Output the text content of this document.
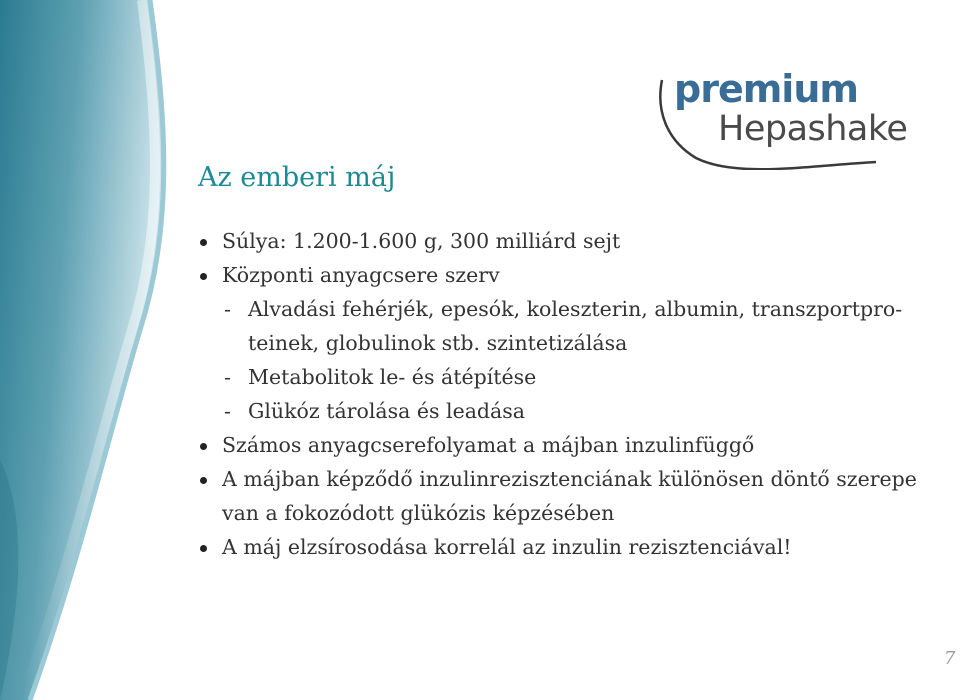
premium
Hepashake
Az emberi máj
Súlya: 1.200-1.600 g, 300 milliárd sejt
Központi anyagcsere szerv
- Alvadási fehérjék, epesók, koleszterin, albumin, transzportpro-
teinek, globulinok stb. szintetizálása
- Metabolitok le- és átépítése
- Glükóz tárolása és leadása
Számos anyagcserefolyamat a májban inzulinfüggő
A májban képződő inzulinrezisztenciának különösen döntő szerepe
van a fokozódott glükózis képzésében
A máj elzsírosodása korrelál az inzulin rezisztenciával!
7
